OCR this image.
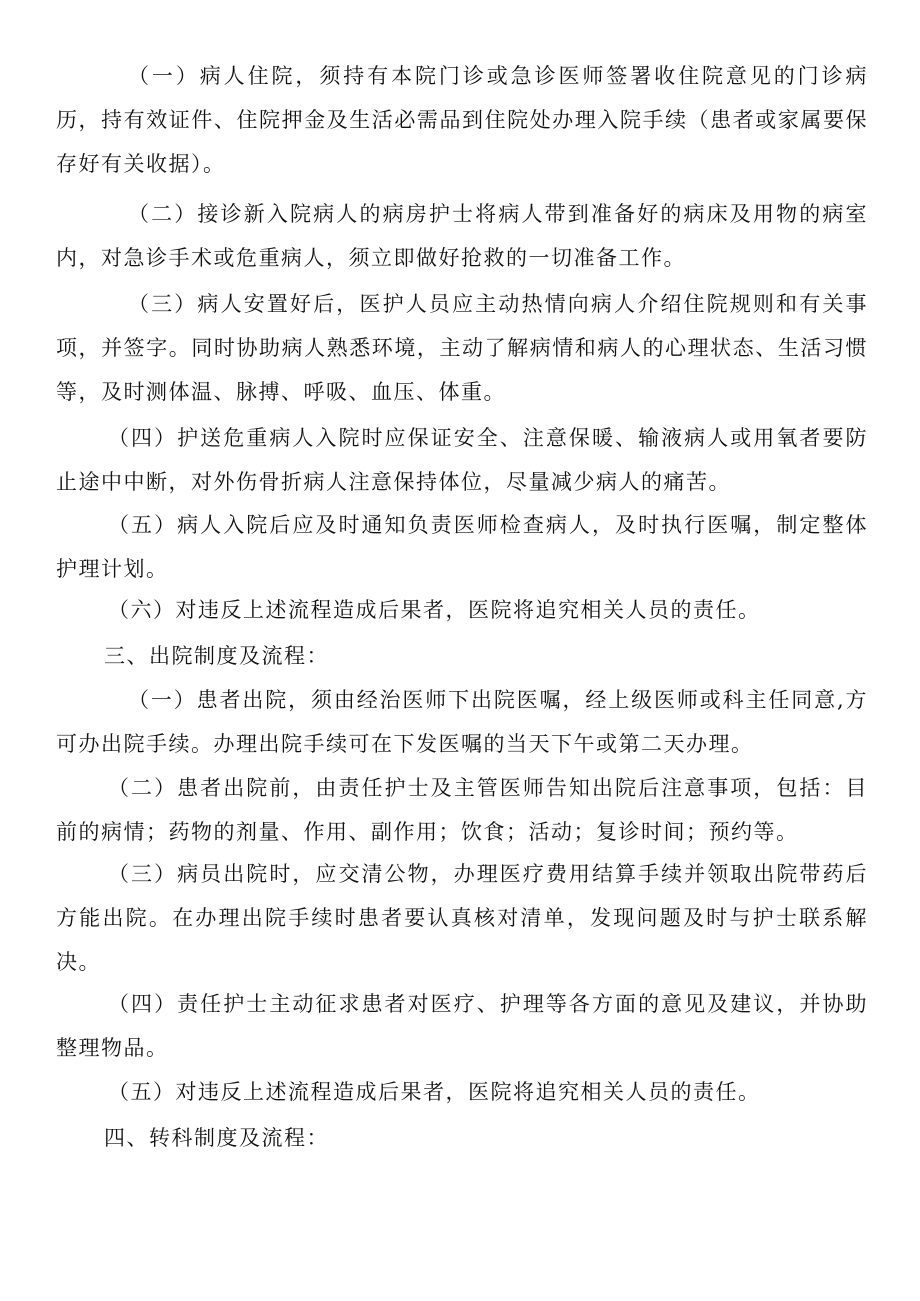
（一）病人住院，须持有本院门诊或急诊医师签署收住院意见的门诊病历，持有效证件、住院押金及生活必需品到住院处办理入院手续（患者或家属要保存好有关收据）。

（二）接诊新入院病人的病房护士将病人带到准备好的病床及用物的病室内，对急诊手术或危重病人，须立即做好抢救的一切准备工作。

（三）病人安置好后，医护人员应主动热情向病人介绍住院规则和有关事项，并签字。同时协助病人熟悉环境，主动了解病情和病人的心理状态、生活习惯等，及时测体温、脉搏、呼吸、血压、体重。

（四）护送危重病人入院时应保证安全、注意保暖、输液病人或用氧者要防止途中中断，对外伤骨折病人注意保持体位，尽量减少病人的痛苦。

（五）病人入院后应及时通知负责医师检查病人，及时执行医嘱，制定整体护理计划。

（六）对违反上述流程造成后果者，医院将追究相关人员的责任。

三、出院制度及流程：

（一）患者出院，须由经治医师下出院医嘱，经上级医师或科主任同意,方可办出院手续。办理出院手续可在下发医嘱的当天下午或第二天办理。

（二）患者出院前，由责任护士及主管医师告知出院后注意事项，包括：目前的病情；药物的剂量、作用、副作用；饮食；活动；复诊时间；预约等。

（三）病员出院时，应交清公物，办理医疗费用结算手续并领取出院带药后方能出院。在办理出院手续时患者要认真核对清单，发现问题及时与护士联系解决。

（四）责任护士主动征求患者对医疗、护理等各方面的意见及建议，并协助整理物品。

（五）对违反上述流程造成后果者，医院将追究相关人员的责任。

四、转科制度及流程：
